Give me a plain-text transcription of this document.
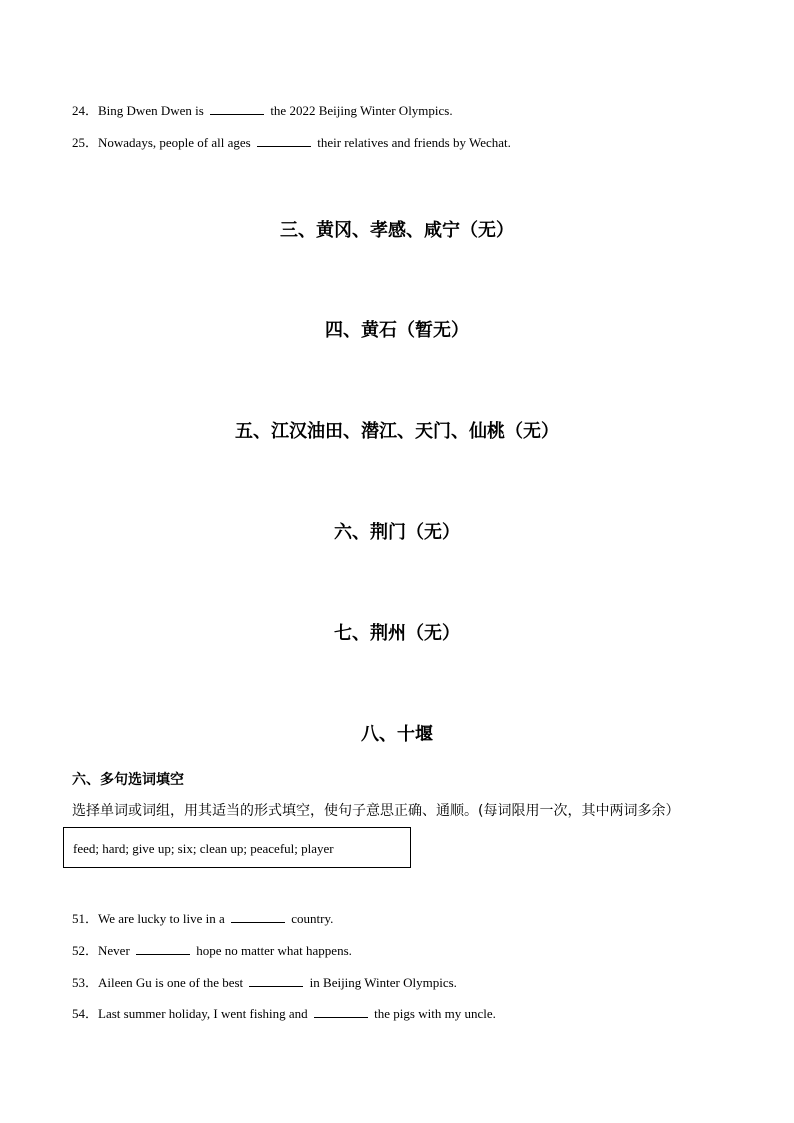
24．Bing Dwen Dwen is	the 2022 Beijing Winter Olympics.
25．Nowadays, people of all ages	their relatives and friends by Wechat.
三、黄冈、孝感、咸宁（无）
四、黄石（暂无）
五、江汉油田、潜江、天门、仙桃（无）
六、荆门（无）
七、荆州（无）
八、十堰
六、多句选词填空
选择单词或词组，用其适当的形式填空，使句子意思正确、通顺。(每词限用一次，其中两词多余）
feed; hard; give up; six; clean up; peaceful; player
51．We are lucky to live in a	country.
52．Never	hope no matter what happens.
53．Aileen Gu is one of the best	in Beijing Winter Olympics.
54．Last summer holiday, I went fishing and	the pigs with my uncle.
